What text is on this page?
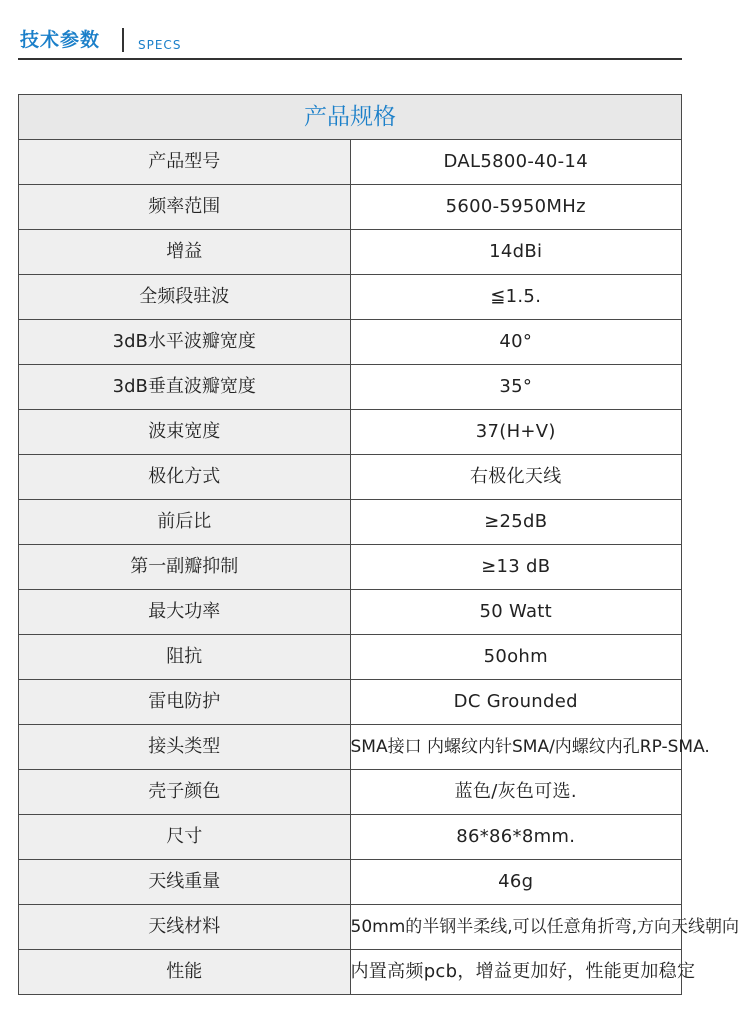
技术参数	SPECS
产品规格	
产品型号	DAL5800-40-14
频率范围	5600-5950MHz
增益	14dBi
全频段驻波	≦1.5.
3dB水平波瓣宽度	40°
3dB垂直波瓣宽度	35°
波束宽度	37(H+V)
极化方式	右极化天线
前后比	≥25dB
第一副瓣抑制	≥13 dB
最大功率	50 Watt
阻抗	50ohm
雷电防护	DC Grounded
接头类型	SMA接口 内螺纹内针SMA/内螺纹内孔RP-SMA.
壳子颜色	蓝色/灰色可选.
尺寸	86*86*8mm.
天线重量	46g
天线材料	50mm的半钢半柔线,可以任意角折弯,方向天线朝向
性能	内置高频pcb，增益更加好，性能更加稳定
